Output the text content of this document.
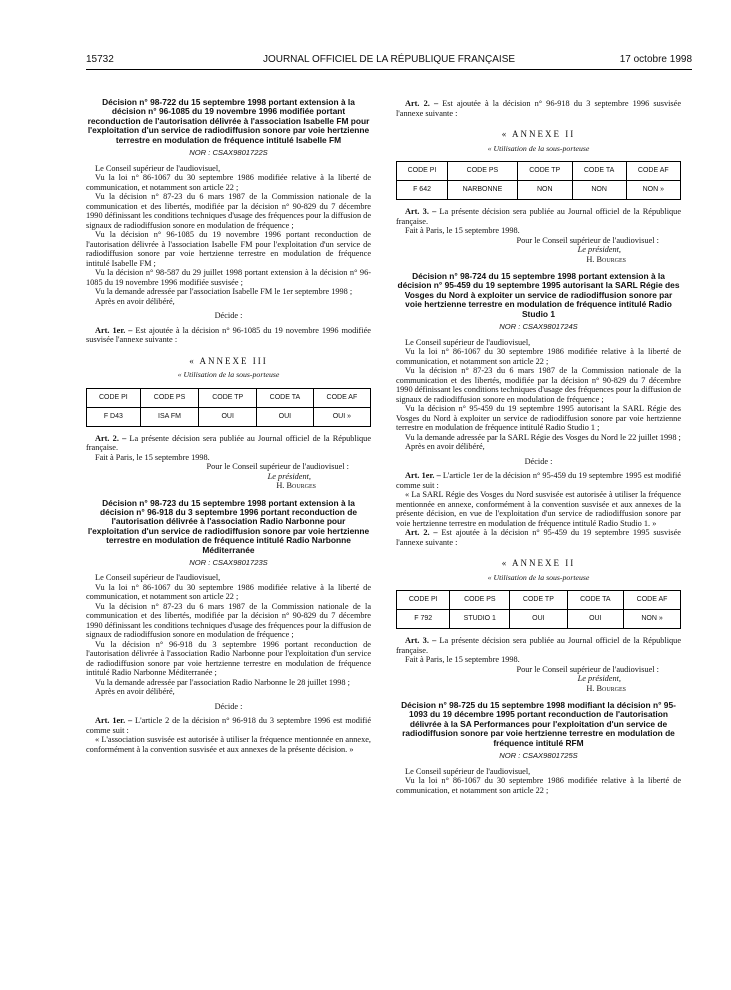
15732	JOURNAL OFFICIEL DE LA RÉPUBLIQUE FRANÇAISE	17 octobre 1998
Décision n° 98-722 du 15 septembre 1998 portant extension à la décision n° 96-1085 du 19 novembre 1996 modifiée portant reconduction de l'autorisation délivrée à l'association Isabelle FM pour l'exploitation d'un service de radiodiffusion sonore par voie hertzienne terrestre en modulation de fréquence intitulé Isabelle FM
NOR : CSAX9801722S

Le Conseil supérieur de l'audiovisuel,

Vu la loi n° 86-1067 du 30 septembre 1986 modifiée relative à la liberté de communication, et notamment son article 22 ;

Vu la décision n° 87-23 du 6 mars 1987 de la Commission nationale de la communication et des libertés, modifiée par la décision n° 90-829 du 7 décembre 1990 définissant les conditions techniques d'usage des fréquences pour la diffusion de signaux de radiodiffusion sonore en modulation de fréquence ;

Vu la décision n° 96-1085 du 19 novembre 1996 portant reconduction de l'autorisation délivrée à l'association Isabelle FM pour l'exploitation d'un service de radiodiffusion sonore par voie hertzienne terrestre en modulation de fréquence intitulé Isabelle FM ;

Vu la décision n° 98-587 du 29 juillet 1998 portant extension à la décision n° 96-1085 du 19 novembre 1996 modifiée susvisée ;

Vu la demande adressée par l'association Isabelle FM le 1er septembre 1998 ;

Après en avoir délibéré,

Décide :

Art. 1er. – Est ajoutée à la décision n° 96-1085 du 19 novembre 1996 modifiée susvisée l'annexe suivante :

« ANNEXE III
« Utilisation de la sous-porteuse
CODE PI	CODE PS	CODE TP	CODE TA	CODE AF
F D43	ISA FM	OUI	OUI	OUI »

Art. 2. – La présente décision sera publiée au Journal officiel de la République française.

Fait à Paris, le 15 septembre 1998.

Pour le Conseil supérieur de l'audiovisuel :

Le président,

H. Bourges

Décision n° 98-723 du 15 septembre 1998 portant extension à la décision n° 96-918 du 3 septembre 1996 portant reconduction de l'autorisation délivrée à l'association Radio Narbonne pour l'exploitation d'un service de radiodiffusion sonore par voie hertzienne terrestre en modulation de fréquence intitulé Radio Narbonne Méditerranée
NOR : CSAX9801723S

Le Conseil supérieur de l'audiovisuel,

Vu la loi n° 86-1067 du 30 septembre 1986 modifiée relative à la liberté de communication, et notamment son article 22 ;

Vu la décision n° 87-23 du 6 mars 1987 de la Commission nationale de la communication et des libertés, modifiée par la décision n° 90-829 du 7 décembre 1990 définissant les conditions techniques d'usage des fréquences pour la diffusion de signaux de radiodiffusion sonore en modulation de fréquence ;

Vu la décision n° 96-918 du 3 septembre 1996 portant reconduction de l'autorisation délivrée à l'association Radio Narbonne pour l'exploitation d'un service de radiodiffusion sonore par voie hertzienne terrestre en modulation de fréquence intitulé Radio Narbonne Méditerranée ;

Vu la demande adressée par l'association Radio Narbonne le 28 juillet 1998 ;

Après en avoir délibéré,

Décide :

Art. 1er. – L'article 2 de la décision n° 96-918 du 3 septembre 1996 est modifié comme suit :

« L'association susvisée est autorisée à utiliser la fréquence mentionnée en annexe, conformément à la convention susvisée et aux annexes de la présente décision. »

Art. 2. – Est ajoutée à la décision n° 96-918 du 3 septembre 1996 susvisée l'annexe suivante :

« ANNEXE II
« Utilisation de la sous-porteuse
CODE PI	CODE PS	CODE TP	CODE TA	CODE AF
F 642	NARBONNE	NON	NON	NON »

Art. 3. – La présente décision sera publiée au Journal officiel de la République française.

Fait à Paris, le 15 septembre 1998.

Pour le Conseil supérieur de l'audiovisuel :

Le président,

H. Bourges

Décision n° 98-724 du 15 septembre 1998 portant extension à la décision n° 95-459 du 19 septembre 1995 autorisant la SARL Régie des Vosges du Nord à exploiter un service de radiodiffusion sonore par voie hertzienne terrestre en modulation de fréquence intitulé Radio Studio 1
NOR : CSAX9801724S

Le Conseil supérieur de l'audiovisuel,

Vu la loi n° 86-1067 du 30 septembre 1986 modifiée relative à la liberté de communication, et notamment son article 22 ;

Vu la décision n° 87-23 du 6 mars 1987 de la Commission nationale de la communication et des libertés, modifiée par la décision n° 90-829 du 7 décembre 1990 définissant les conditions techniques d'usage des fréquences pour la diffusion de signaux de radiodiffusion sonore en modulation de fréquence ;

Vu la décision n° 95-459 du 19 septembre 1995 autorisant la SARL Régie des Vosges du Nord à exploiter un service de radiodiffusion sonore par voie hertzienne terrestre en modulation de fréquence intitulé Radio Studio 1 ;

Vu la demande adressée par la SARL Régie des Vosges du Nord le 22 juillet 1998 ;

Après en avoir délibéré,

Décide :

Art. 1er. – L'article 1er de la décision n° 95-459 du 19 septembre 1995 est modifié comme suit :

« La SARL Régie des Vosges du Nord susvisée est autorisée à utiliser la fréquence mentionnée en annexe, conformément à la convention susvisée et aux annexes de la présente décision, en vue de l'exploitation d'un service de radiodiffusion sonore par voie hertzienne terrestre en modulation de fréquence intitulé Radio Studio 1. »

Art. 2. – Est ajoutée à la décision n° 95-459 du 19 septembre 1995 susvisée l'annexe suivante :

« ANNEXE II
« Utilisation de la sous-porteuse
CODE PI	CODE PS	CODE TP	CODE TA	CODE AF
F 792	STUDIO 1	OUI	OUI	NON »

Art. 3. – La présente décision sera publiée au Journal officiel de la République française.

Fait à Paris, le 15 septembre 1998.

Pour le Conseil supérieur de l'audiovisuel :

Le président,

H. Bourges

Décision n° 98-725 du 15 septembre 1998 modifiant la décision n° 95-1093 du 19 décembre 1995 portant reconduction de l'autorisation délivrée à la SA Performances pour l'exploitation d'un service de radiodiffusion sonore par voie hertzienne terrestre en modulation de fréquence intitulé RFM
NOR : CSAX9801725S

Le Conseil supérieur de l'audiovisuel,

Vu la loi n° 86-1067 du 30 septembre 1986 modifiée relative à la liberté de communication, et notamment son article 22 ;
